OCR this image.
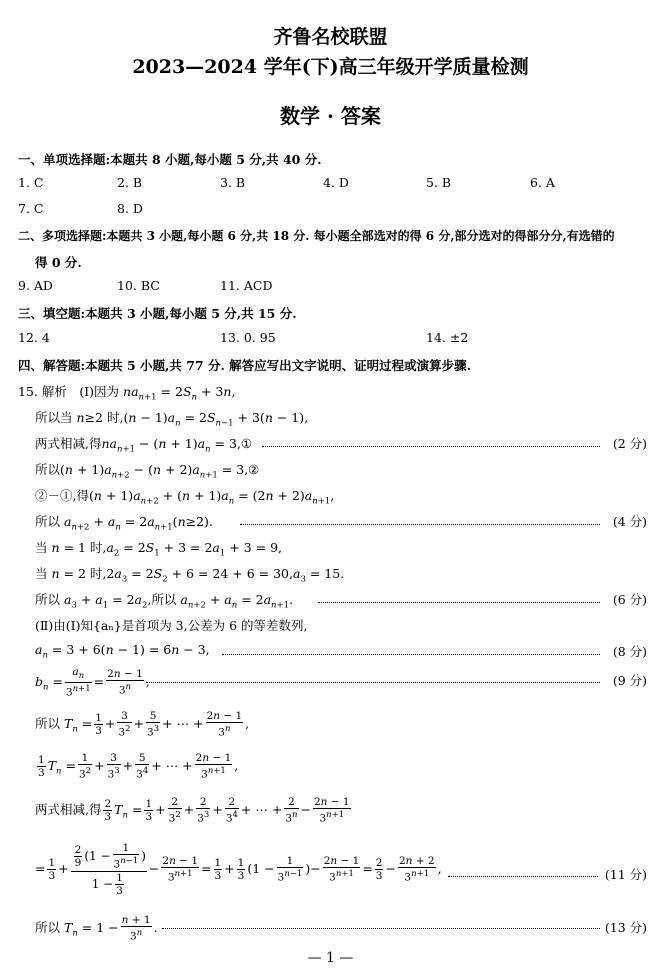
齐鲁名校联盟
2023—2024 学年(下)高三年级开学质量检测
数学 · 答案
一、单项选择题:本题共 8 小题,每小题 5 分,共 40 分.
1. C	2. B	3. B	4. D	5. B	6. A
7. C	8. D
二、多项选择题:本题共 3 小题,每小题 6 分,共 18 分. 每小题全部选对的得 6 分,部分选对的得部分分,有选错的
得 0 分.
9. AD	10. BC	11. ACD
三、填空题:本题共 3 小题,每小题 5 分,共 15 分.
12. 4	13. 0. 95	14. ±2
四、解答题:本题共 5 小题,共 77 分. 解答应写出文字说明、证明过程或演算步骤.
15. 解析　(Ⅰ)因为 $na_{n+1} = 2S_n + 3n$,
所以当 n≥2 时$,(n - 1)a_n = 2S_{n-1} + 3(n - 1)$,
两式相减,得$na_{n+1} - (n + 1)a_n$ = 3,①	(2 分)
所以$(n + 1)a_{n+2} - (n + 2)a_{n+1}$ = 3,②
②－①,得$(n + 1)a_{n+2} + (n + 1)a_n = (2n + 2)a_{n+1}$,
所以 $a_{n+2} + a_n = 2a_{n+1}(n\ge 2)$.	(4 分)
当 n = 1 时$,a_2 = 2S_1 + 3 = 2a_1 + 3 = 9$,
当 n = 2 时$,2a_3 = 2S_2 + 6 = 24 + 6 = 30,a_3 = 15$.
所以 $a_3 + a_1 = 2a_2$,所以 $a_{n+2} + a_n = 2a_{n+1}$.	(6 分)
(Ⅱ)由(Ⅰ)知{aₙ}是首项为 3,公差为 6 的等差数列,
$a_n = 3 + 6(n - 1) = 6n - 3$,	(8 分)
$b_n = \frac{a_n}{3^{n+1}} = \frac{2n - 1}{3^n}$ ,	(9 分)
所以 $T_n = \frac{1}{3} + \frac{3}{3^2} + \frac{5}{3^3}$ + ⋯ + $\frac{2n - 1}{3^n}$ ,
$\frac{1}{3} T_n = \frac{1}{3^2} + \frac{3}{3^3} + \frac{5}{3^4}$ + ⋯ + $\frac{2n - 1}{3^{n+1}}$ ,
两式相减,得 $\frac{2}{3} T_n = \frac{1}{3} + \frac{2}{3^2} + \frac{2}{3^3} + \frac{2}{3^4}$ + ⋯ + $\frac{2}{3^n} - \frac{2n - 1}{3^{n+1}}$
= $\frac{1}{3} + \frac{\frac{2}{9} (1 - \frac{1}{3^{n-1}} )}{1 - \frac{1}{3}} - \frac{2n - 1}{3^{n+1}} = \frac{1}{3} + \frac{1}{3} (1 - \frac{1}{3^{n-1}}$ )− $\frac{2n - 1}{3^{n+1}} = \frac{2}{3} - \frac{2n + 2}{3^{n+1}}$ ,	(11 分)
所以 $T_n = 1 - \frac{n + 1}{3^n}$ .	(13 分)
— 1 —
